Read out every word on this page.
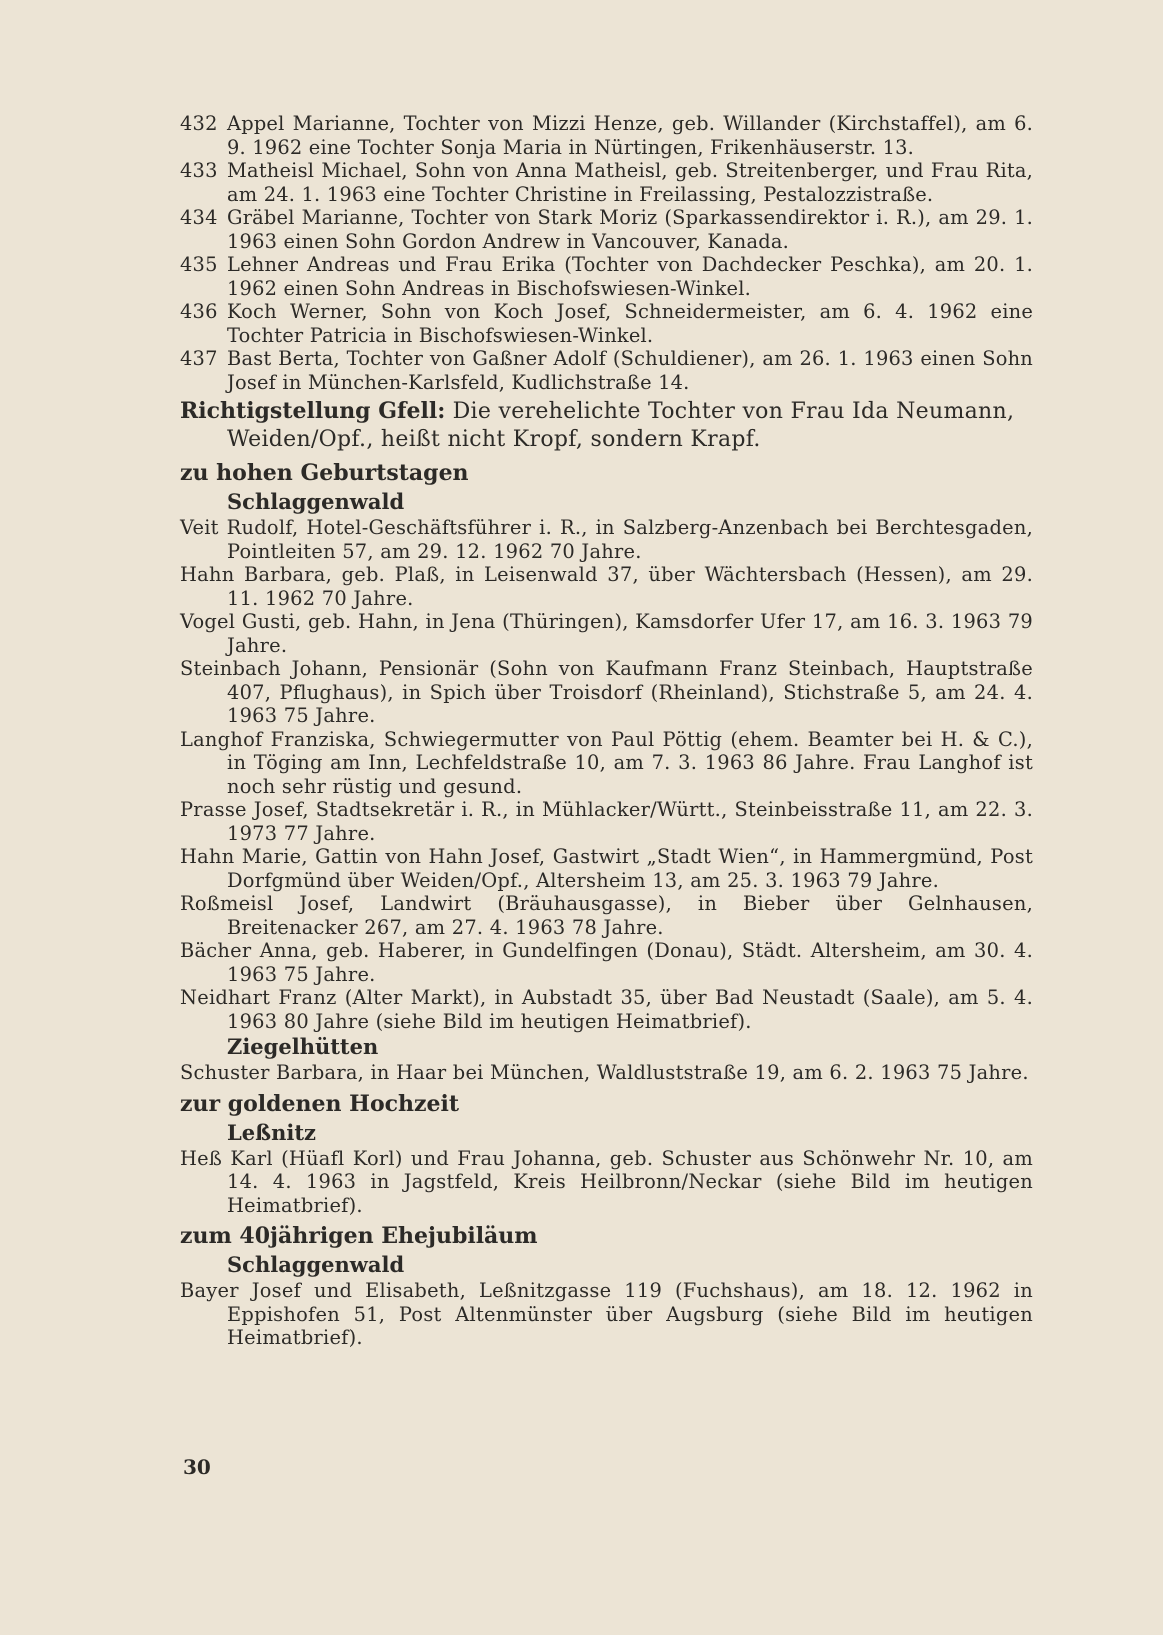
432 Appel Marianne, Tochter von Mizzi Henze, geb. Willander (Kirchstaffel), am 6. 9. 1962 eine Tochter Sonja Maria in Nürtingen, Frikenhäuserstr. 13.
433 Matheisl Michael, Sohn von Anna Matheisl, geb. Streitenberger, und Frau Rita, am 24. 1. 1963 eine Tochter Christine in Freilassing, Pestalozzistraße.
434 Gräbel Marianne, Tochter von Stark Moriz (Sparkassendirektor i. R.), am 29. 1. 1963 einen Sohn Gordon Andrew in Vancouver, Kanada.
435 Lehner Andreas und Frau Erika (Tochter von Dachdecker Peschka), am 20. 1. 1962 einen Sohn Andreas in Bischofswiesen-Winkel.
436 Koch Werner, Sohn von Koch Josef, Schneidermeister, am 6. 4. 1962 eine Tochter Patricia in Bischofswiesen-Winkel.
437 Bast Berta, Tochter von Gaßner Adolf (Schuldiener), am 26. 1. 1963 einen Sohn Josef in München-Karlsfeld, Kudlichstraße 14.
Richtigstellung Gfell: Die verehelichte Tochter von Frau Ida Neumann, Weiden/Opf., heißt nicht Kropf, sondern Krapf.
zu hohen Geburtstagen
Schlaggenwald
Veit Rudolf, Hotel-Geschäftsführer i. R., in Salzberg-Anzenbach bei Berchtesgaden, Pointleiten 57, am 29. 12. 1962 70 Jahre.
Hahn Barbara, geb. Plaß, in Leisenwald 37, über Wächtersbach (Hessen), am 29. 11. 1962 70 Jahre.
Vogel Gusti, geb. Hahn, in Jena (Thüringen), Kamsdorfer Ufer 17, am 16. 3. 1963 79 Jahre.
Steinbach Johann, Pensionär (Sohn von Kaufmann Franz Steinbach, Hauptstraße 407, Pflughaus), in Spich über Troisdorf (Rheinland), Stichstraße 5, am 24. 4. 1963 75 Jahre.
Langhof Franziska, Schwiegermutter von Paul Pöttig (ehem. Beamter bei H. & C.), in Töging am Inn, Lechfeldstraße 10, am 7. 3. 1963 86 Jahre. Frau Langhof ist noch sehr rüstig und gesund.
Prasse Josef, Stadtsekretär i. R., in Mühlacker/Württ., Steinbeisstraße 11, am 22. 3. 1973 77 Jahre.
Hahn Marie, Gattin von Hahn Josef, Gastwirt „Stadt Wien“, in Hammergmünd, Post Dorfgmünd über Weiden/Opf., Altersheim 13, am 25. 3. 1963 79 Jahre.
Roßmeisl Josef, Landwirt (Bräuhausgasse), in Bieber über Gelnhausen, Breitenacker 267, am 27. 4. 1963 78 Jahre.
Bächer Anna, geb. Haberer, in Gundelfingen (Donau), Städt. Altersheim, am 30. 4. 1963 75 Jahre.
Neidhart Franz (Alter Markt), in Aubstadt 35, über Bad Neustadt (Saale), am 5. 4. 1963 80 Jahre (siehe Bild im heutigen Heimatbrief).
Ziegelhütten
Schuster Barbara, in Haar bei München, Waldluststraße 19, am 6. 2. 1963 75 Jahre.
zur goldenen Hochzeit
Leßnitz
Heß Karl (Hüafl Korl) und Frau Johanna, geb. Schuster aus Schönwehr Nr. 10, am 14. 4. 1963 in Jagstfeld, Kreis Heilbronn/Neckar (siehe Bild im heutigen Heimatbrief).
zum 40jährigen Ehejubiläum
Schlaggenwald
Bayer Josef und Elisabeth, Leßnitzgasse 119 (Fuchshaus), am 18. 12. 1962 in Eppishofen 51, Post Altenmünster über Augsburg (siehe Bild im heutigen Heimatbrief).
30
